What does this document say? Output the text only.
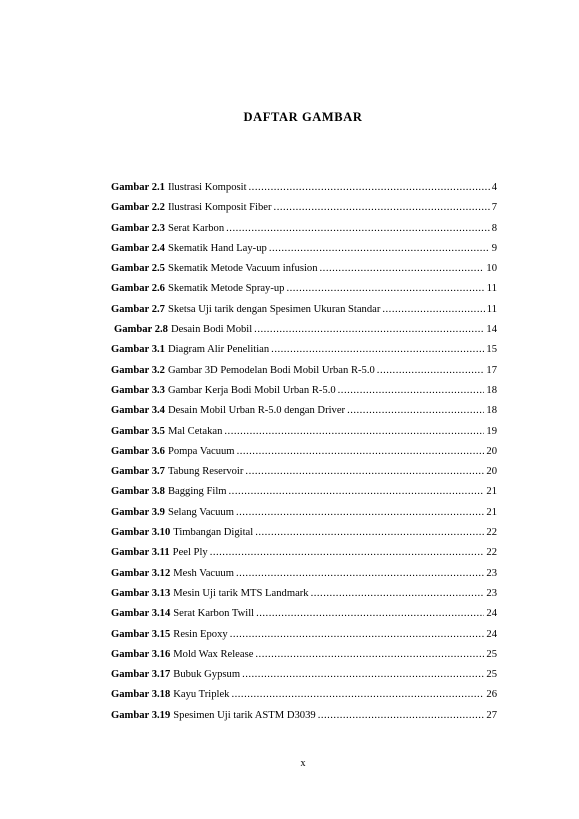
DAFTAR GAMBAR
Gambar 2.1 Ilustrasi Komposit .....	4
Gambar 2.2 Ilustrasi Komposit Fiber .....	7
Gambar 2.3 Serat Karbon .....	8
Gambar 2.4 Skematik Hand Lay-up .....	9
Gambar 2.5 Skematik Metode Vacuum infusion .....	10
Gambar 2.6 Skematik Metode Spray-up .....	11
Gambar 2.7 Sketsa Uji tarik dengan Spesimen Ukuran Standar .....	11
Gambar 2.8 Desain Bodi Mobil .....	14
Gambar 3.1 Diagram Alir Penelitian .....	15
Gambar 3.2 Gambar 3D Pemodelan Bodi Mobil Urban R-5.0 .....	17
Gambar 3.3 Gambar Kerja Bodi Mobil Urban R-5.0 .....	18
Gambar 3.4 Desain Mobil Urban R-5.0 dengan Driver .....	18
Gambar 3.5 Mal Cetakan .....	19
Gambar 3.6 Pompa Vacuum .....	20
Gambar 3.7 Tabung Reservoir .....	20
Gambar 3.8 Bagging Film .....	21
Gambar 3.9 Selang Vacuum .....	21
Gambar 3.10 Timbangan Digital .....	22
Gambar 3.11 Peel Ply .....	22
Gambar 3.12 Mesh Vacuum .....	23
Gambar 3.13 Mesin Uji tarik MTS Landmark .....	23
Gambar 3.14 Serat Karbon Twill .....	24
Gambar 3.15 Resin Epoxy .....	24
Gambar 3.16 Mold Wax Release .....	25
Gambar 3.17 Bubuk Gypsum .....	25
Gambar 3.18 Kayu Triplek .....	26
Gambar 3.19 Spesimen Uji tarik ASTM D3039 .....	27
x
